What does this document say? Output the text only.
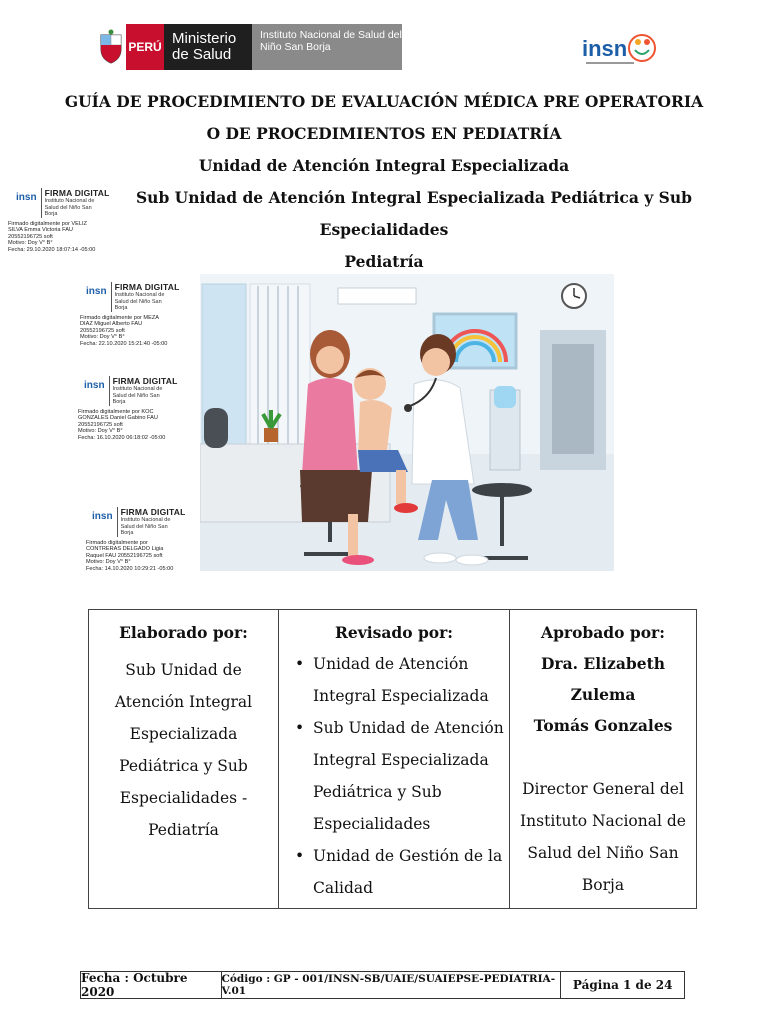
PERÚ Ministerio de Salud
Instituto Nacional de Salud del Niño San Borja	insn
GUÍA DE PROCEDIMIENTO DE EVALUACIÓN MÉDICA PRE OPERATORIA
O DE PROCEDIMIENTOS EN PEDIATRÍA
Unidad de Atención Integral Especializada
Sub Unidad de Atención Integral Especializada Pediátrica y Sub
Especialidades
Pediatría
insn FIRMA DIGITAL
Instituto Nacional de Salud del Niño San Borja
Firmado digitalmente por VELIZ
SILVA Emma Victoria FAU
20552196725 soft
Motivo: Doy V° B°
Fecha: 29.10.2020 18:07:14 -05:00
insn FIRMA DIGITAL
Instituto Nacional de Salud del Niño San Borja
Firmado digitalmente por MEZA
DIAZ Miguel Alberto FAU
20552196725 soft
Motivo: Doy V° B°
Fecha: 22.10.2020 15:21:40 -05:00
insn FIRMA DIGITAL
Instituto Nacional de Salud del Niño San Borja
Firmado digitalmente por KOC
GONZALES Daniel Gabino FAU
20552196725 soft
Motivo: Doy V° B°
Fecha: 16.10.2020 06:18:02 -05:00
insn FIRMA DIGITAL
Instituto Nacional de Salud del Niño San Borja
Firmado digitalmente por
CONTRERAS DELGADO Ligia
Raquel FAU 20552196725 soft
Motivo: Doy V° B°
Fecha: 14.10.2020 10:29:21 -05:00
Elaborado por:
Sub Unidad de
Atención Integral
Especializada
Pediátrica y Sub
Especialidades -
Pediatría
Revisado por:
• Unidad de Atención
Integral Especializada
• Sub Unidad de Atención
Integral Especializada
Pediátrica y Sub
Especialidades
• Unidad de Gestión de la
Calidad
Aprobado por:
Dra. Elizabeth Zulema
Tomás Gonzales
Director General del
Instituto Nacional de
Salud del Niño San
Borja
Fecha : Octubre 2020
Código : GP - 001/INSN-SB/UAIE/SUAIEPSE-PEDIATRIA-V.01	Página 1 de 24
